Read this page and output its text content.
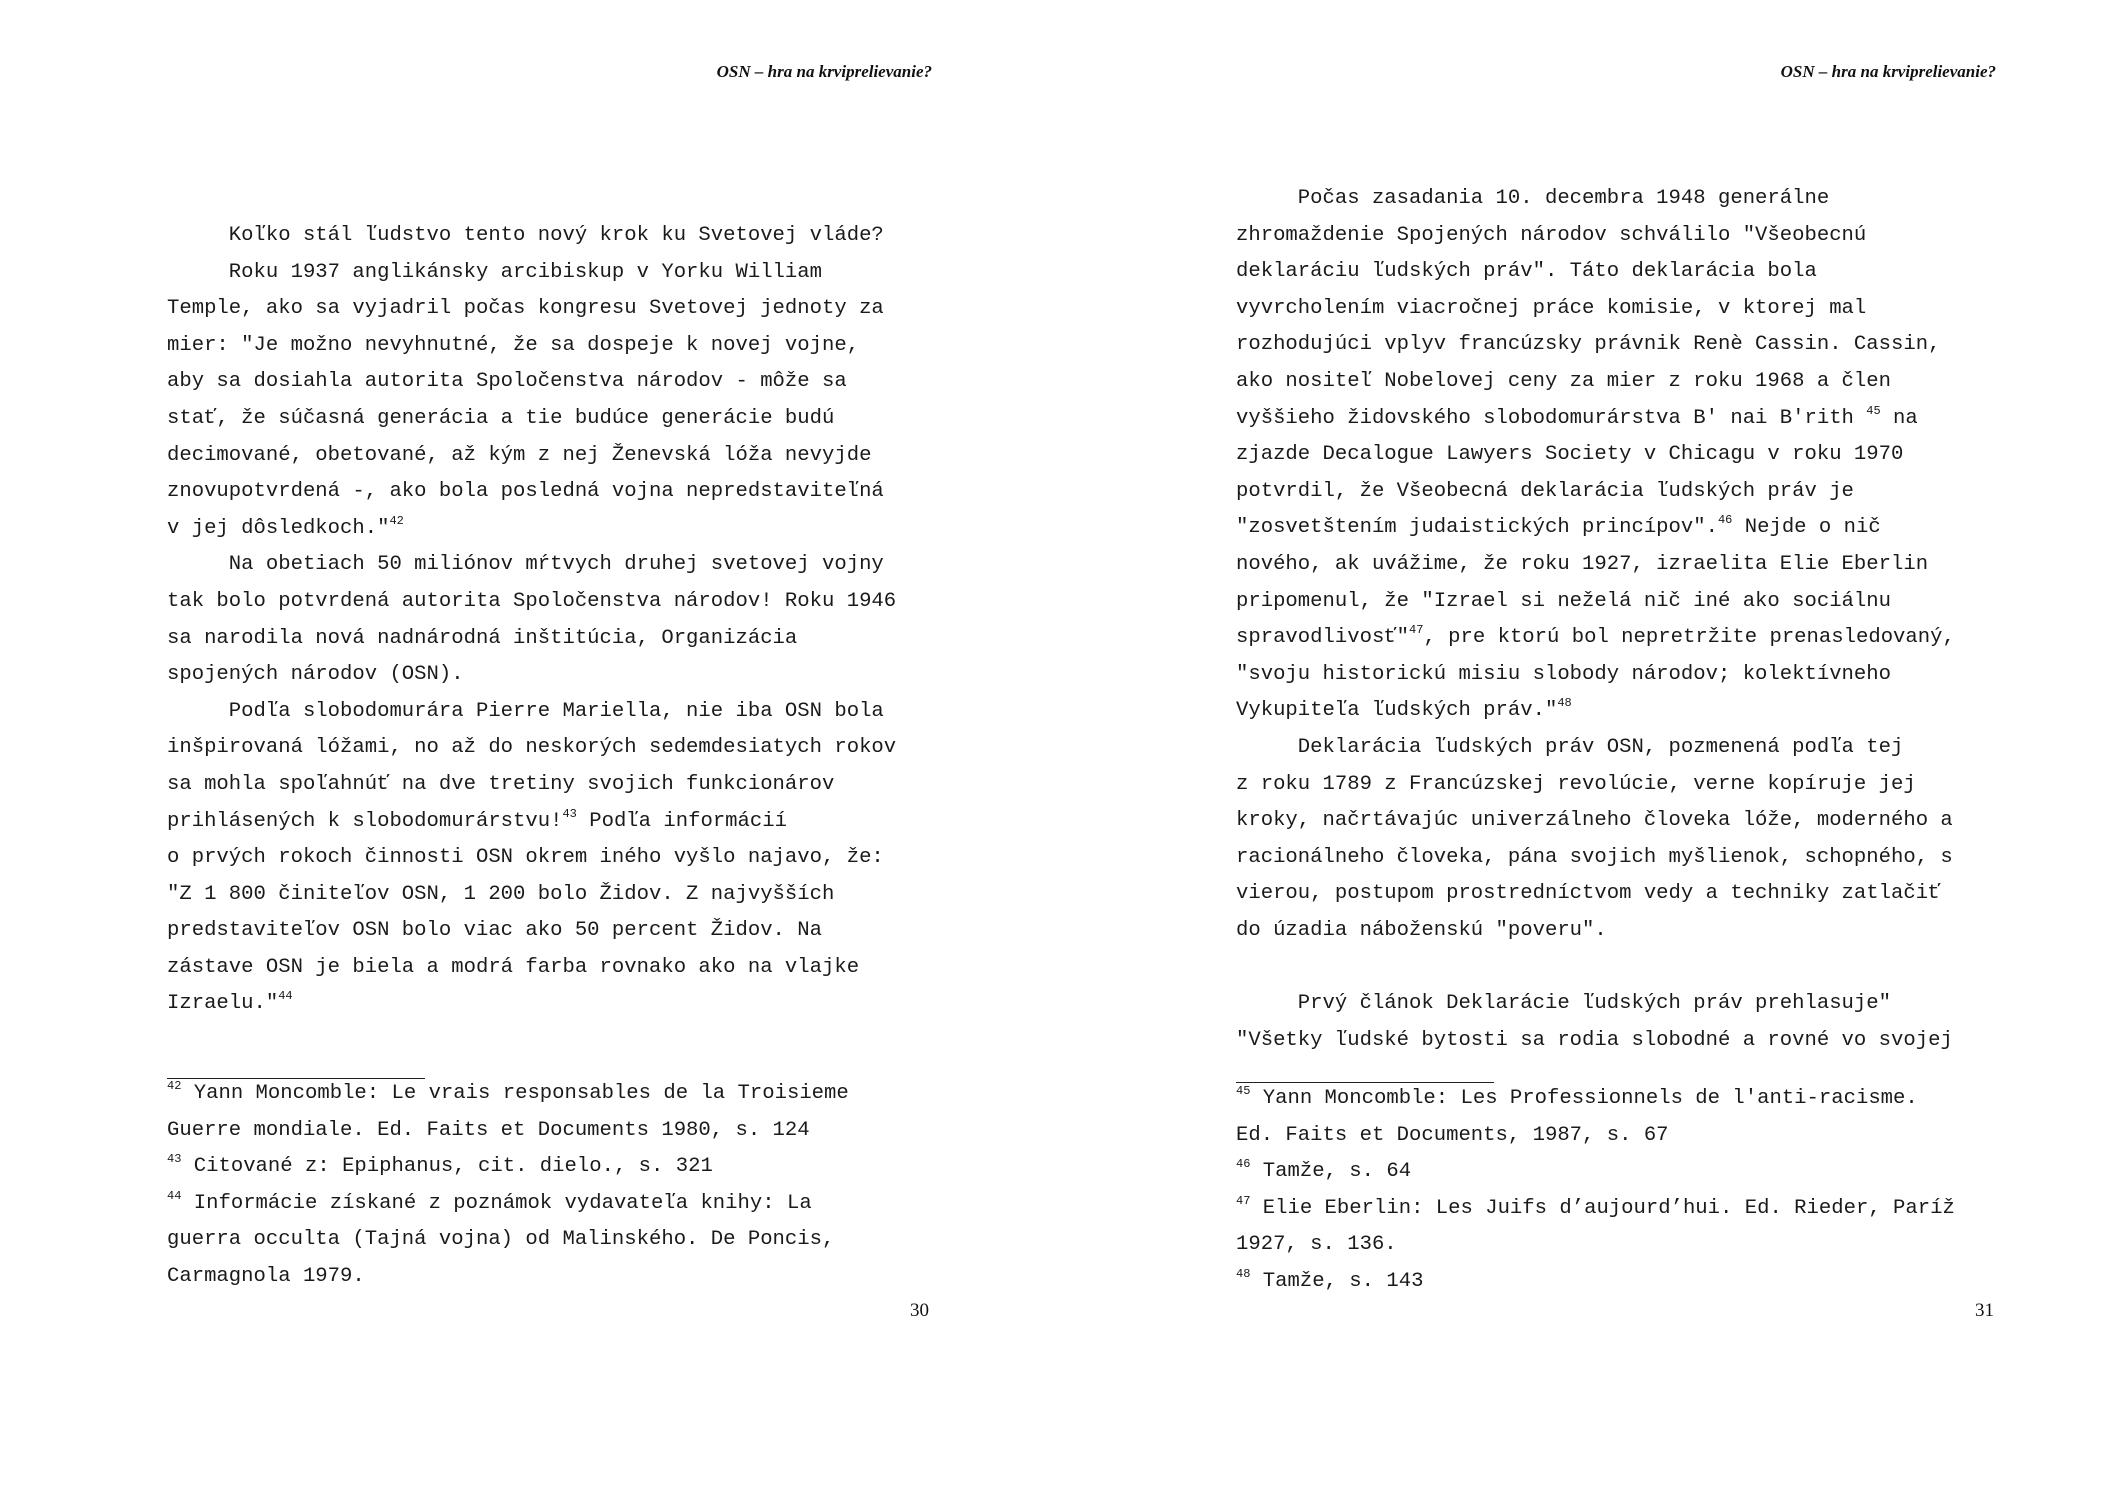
OSN – hra na krviprelievanie?
Koľko stál ľudstvo tento nový krok ku Svetovej vláde?
Roku 1937 anglikánsky arcibiskup v Yorku William
Temple, ako sa vyjadril počas kongresu Svetovej jednoty za
mier: "Je možno nevyhnutné, že sa dospeje k novej vojne,
aby sa dosiahla autorita Spoločenstva národov - môže sa
stať, že súčasná generácia a tie budúce generácie budú
decimované, obetované, až kým z nej Ženevská lóža nevyjde
znovupotvrdená -, ako bola posledná vojna nepredstaviteľná
v jej dôsledkoch."$^{42}$
Na obetiach 50 miliónov mŕtvych druhej svetovej vojny
tak bolo potvrdená autorita Spoločenstva národov! Roku 1946
sa narodila nová nadnárodná inštitúcia, Organizácia
spojených národov (OSN).
Podľa slobodomurára Pierre Mariella, nie iba OSN bola
inšpirovaná lóžami, no až do neskorých sedemdesiatych rokov
sa mohla spoľahnúť na dve tretiny svojich funkcionárov
prihlásených k slobodomurárstvu!$^{43}$ Podľa informácií
o prvých rokoch činnosti OSN okrem iného vyšlo najavo, že:
"Z 1 800 činiteľov OSN, 1 200 bolo Židov. Z najvyšších
predstaviteľov OSN bolo viac ako 50 percent Židov. Na
zástave OSN je biela a modrá farba rovnako ako na vlajke
Izraelu."$^{44}$
$^{42}$ Yann Moncomble: Le vrais responsables de la Troisieme
Guerre mondiale. Ed. Faits et Documents 1980, s. 124
$^{43}$ Citované z: Epiphanus, cit. dielo., s. 321
$^{44}$ Informácie získané z poznámok vydavateľa knihy: La
guerra occulta (Tajná vojna) od Malinského. De Poncis,
Carmagnola 1979.
30
OSN – hra na krviprelievanie?
Počas zasadania 10. decembra 1948 generálne
zhromaždenie Spojených národov schválilo "Všeobecnú
deklaráciu ľudských práv". Táto deklarácia bola
vyvrcholením viacročnej práce komisie, v ktorej mal
rozhodujúci vplyv francúzsky právnik Renè Cassin. Cassin,
ako nositeľ Nobelovej ceny za mier z roku 1968 a člen
vyššieho židovského slobodomurárstva B' nai B'rith $^{45}$ na
zjazde Decalogue Lawyers Society v Chicagu v roku 1970
potvrdil, že Všeobecná deklarácia ľudských práv je
"zosvetštením judaistických princípov".$^{46}$ Nejde o nič
nového, ak uvážime, že roku 1927, izraelita Elie Eberlin
pripomenul, že "Izrael si neželá nič iné ako sociálnu
spravodlivosť"$^{47}$, pre ktorú bol nepretržite prenasledovaný,
"svoju historickú misiu slobody národov; kolektívneho
Vykupiteľa ľudských práv."$^{48}$
Deklarácia ľudských práv OSN, pozmenená podľa tej
z roku 1789 z Francúzskej revolúcie, verne kopíruje jej
kroky, načrtávajúc univerzálneho človeka lóže, moderného a
racionálneho človeka, pána svojich myšlienok, schopného, s
vierou, postupom prostredníctvom vedy a techniky zatlačiť
do úzadia náboženskú "poveru".

Prvý článok Deklarácie ľudských práv prehlasuje"
"Všetky ľudské bytosti sa rodia slobodné a rovné vo svojej
$^{45}$ Yann Moncomble: Les Professionnels de l'anti-racisme.
Ed. Faits et Documents, 1987, s. 67
$^{46}$ Tamže, s. 64
$^{47}$ Elie Eberlin: Les Juifs d’aujourd’hui. Ed. Rieder, Paríž
1927, s. 136.
$^{48}$ Tamže, s. 143
31
